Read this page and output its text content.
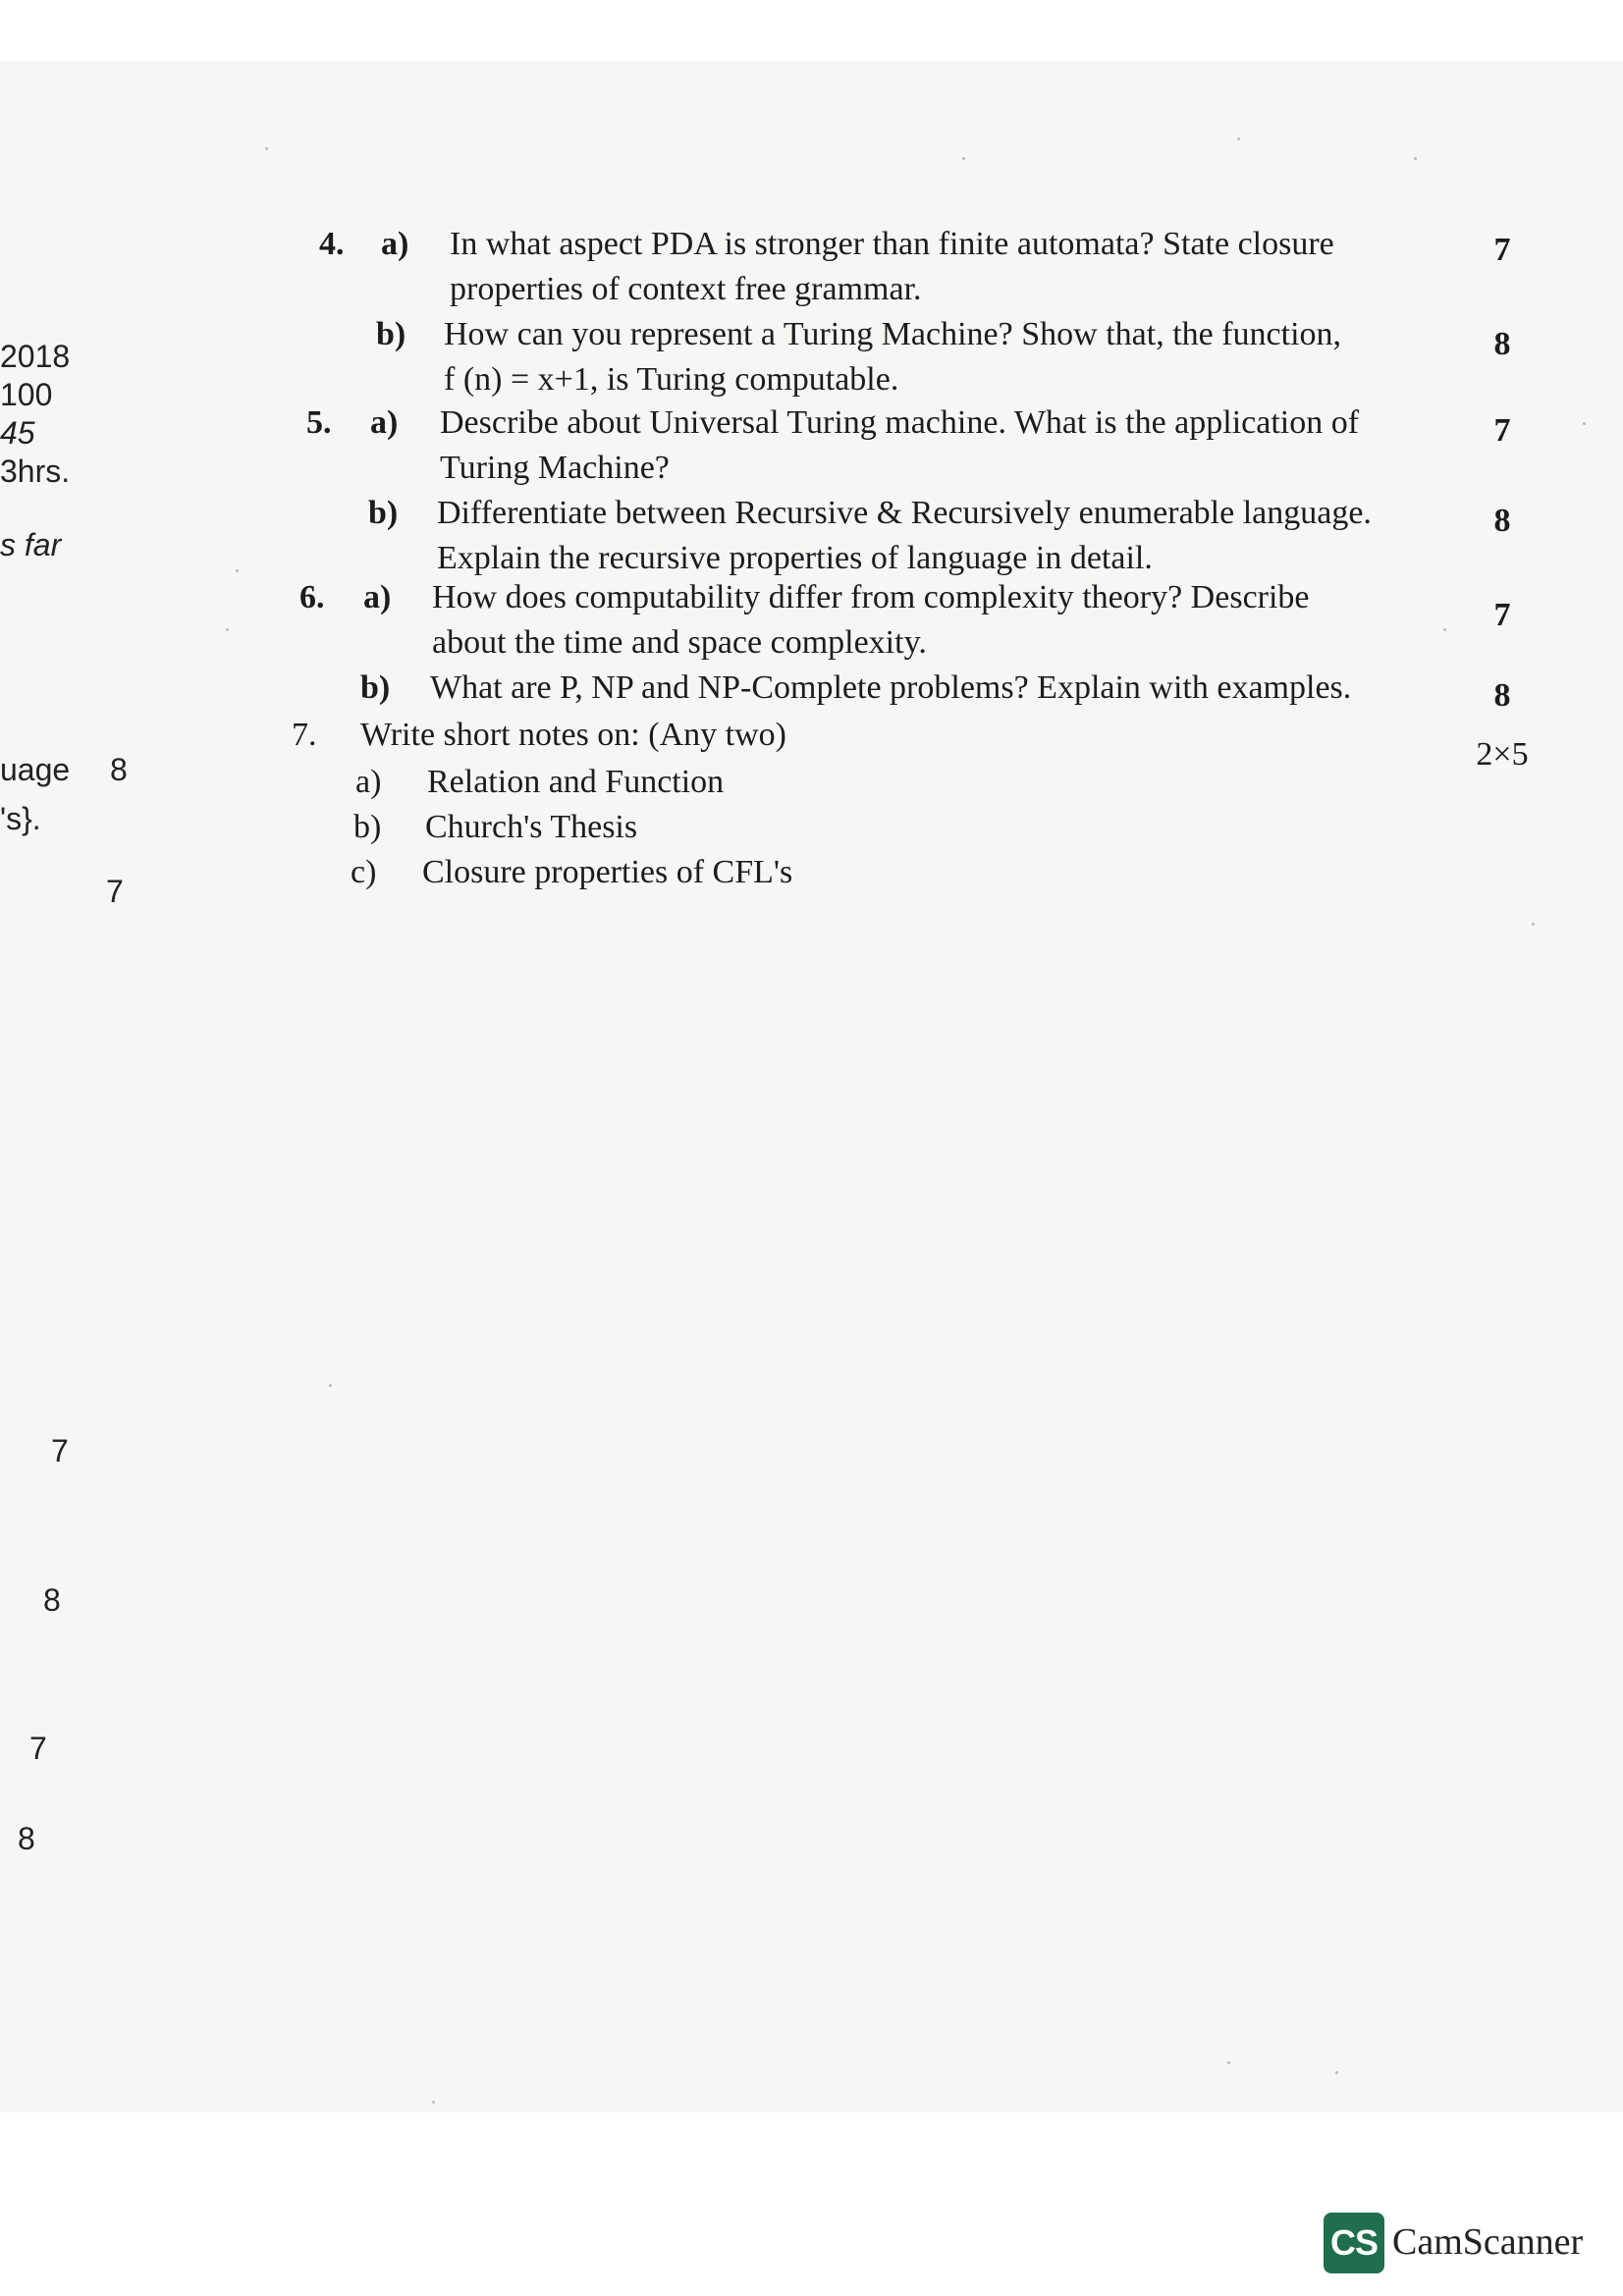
2018
100
45
3hrs.
s far
uage
's}.
8
7
7
8
7
8
4. a) In what aspect PDA is stronger than finite automata? State closure
properties of context free grammar.
7
b) How can you represent a Turing Machine? Show that, the function,
f (n) = x+1, is Turing computable.
8
5. a) Describe about Universal Turing machine. What is the application of
Turing Machine?
7
b) Differentiate between Recursive & Recursively enumerable language.
Explain the recursive properties of language in detail.
8
6. a) How does computability differ from complexity theory? Describe
about the time and space complexity.
7
b) What are P, NP and NP-Complete problems? Explain with examples.	8
7. Write short notes on: (Any two)
2×5
a) Relation and Function
b) Church's Thesis
c) Closure properties of CFL's
CS CamScanner
